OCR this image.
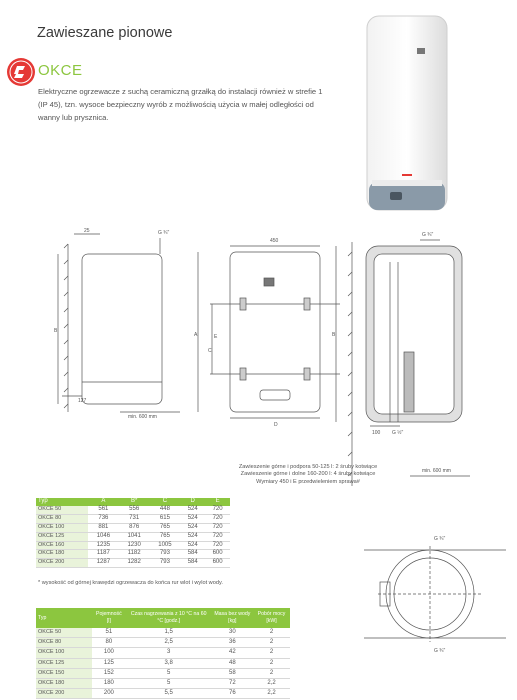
Zawieszane pionowe
OKCE
Elektryczne ogrzewacze z suchą ceramiczną grzałką do instalacji również w strefie 1 (IP 45), tzn. wysoce bezpieczny wyrób z możliwością użycia w małej odległości od wanny lub prysznica.
25	G ¾"
B
127
min. 600 mm
450
A
C
E
D
G ¾"
B
100 G ½"
min. 600 mm
Zawieszenie górne i podpora 50-125 l: 2 śruby kotwiące
Zawieszenie górne i dolne 160-200 l: 4 śruby kotwiące
Wymiary 450 i E przedwieleniem sprawa#
Typ	A	B*	C	D	E
OKCE 50	561	556	448	524	720
OKCE 80	736	731	615	524	720
OKCE 100	881	876	765	524	720
OKCE 125	1046	1041	765	524	720
OKCE 160	1235	1230	1005	524	720
OKCE 180	1187	1182	793	584	600
OKCE 200	1287	1282	793	584	600
* wysokość od górnej krawędzi ogrzewacza do końca rur wlot i wylot wody.
Typ	Pojemność [l]	Czas nagrzewania z 10 °C na 60 °C [godz.]	Masa bez wody [kg]	Pobór mocy [kW]
OKCE 50	51	1,5	30	2
OKCE 80	80	2,5	36	2
OKCE 100	100	3	42	2
OKCE 125	125	3,8	48	2
OKCE 150	152	5	58	2
OKCE 180	180	5	72	2,2
OKCE 200	200	5,5	76	2,2
G ¾"
G ¾"
